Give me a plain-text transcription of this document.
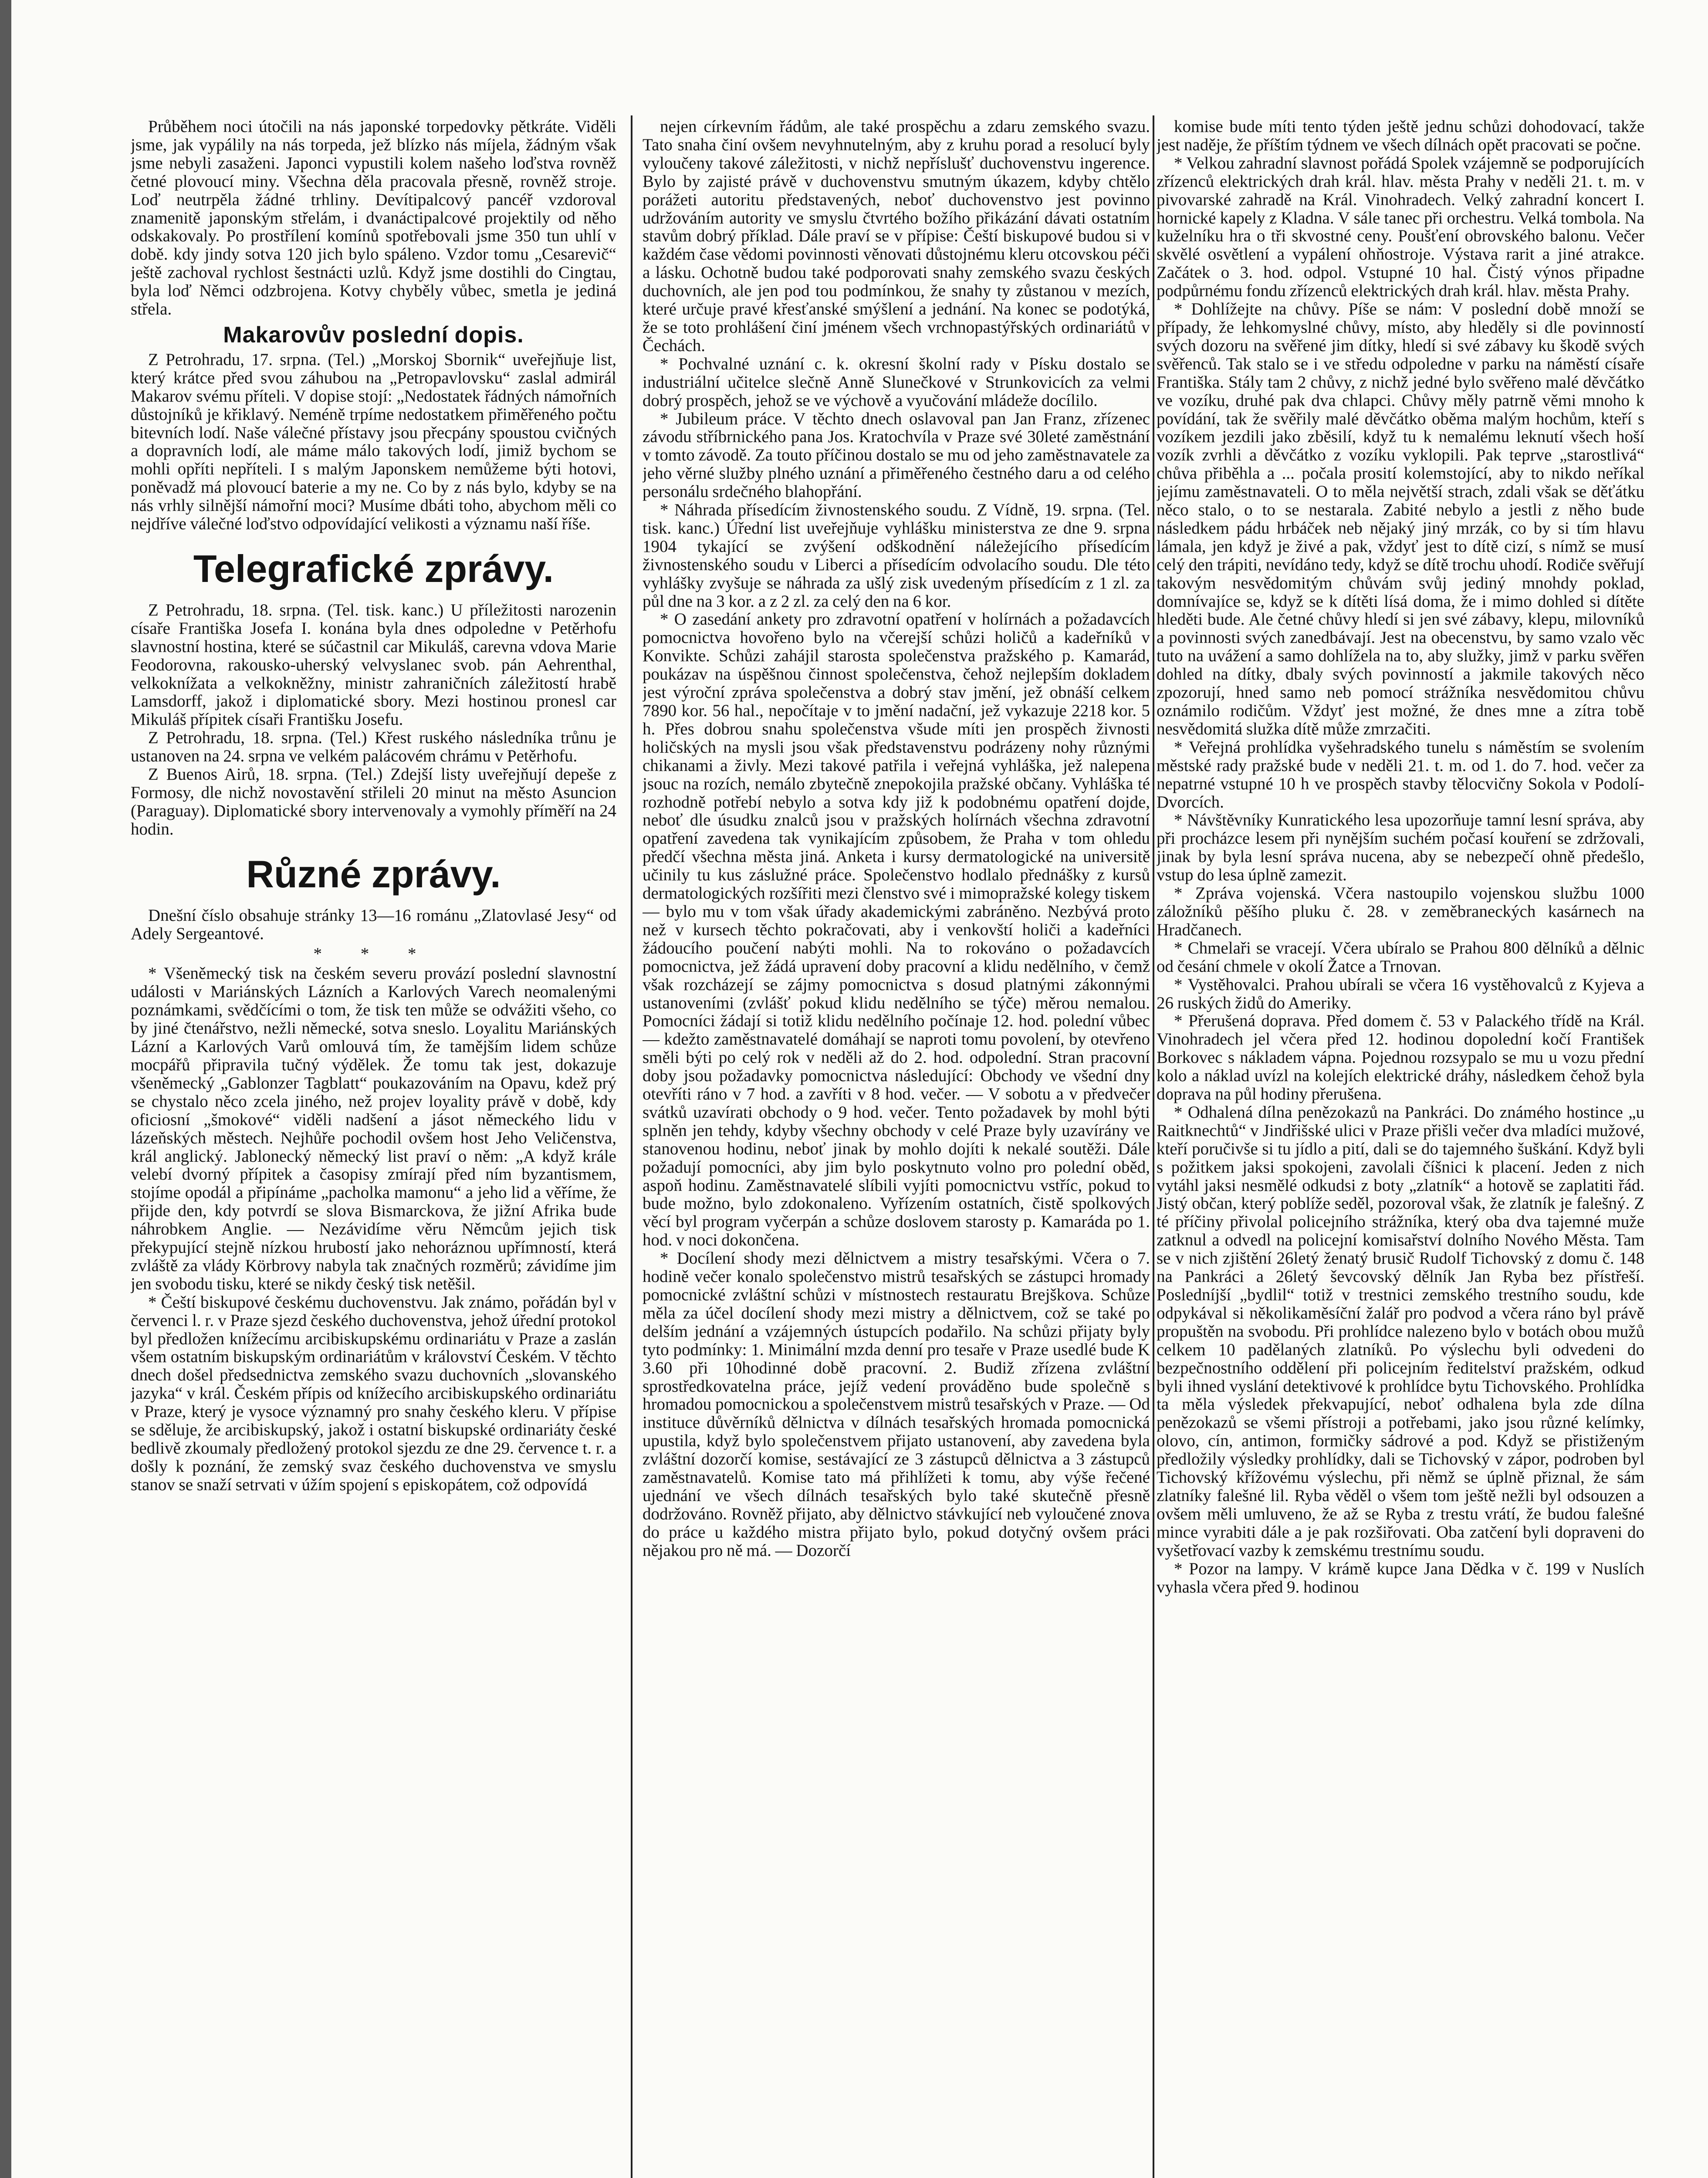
Průběhem noci útočili na nás japonské torpedovky pětkráte. Viděli jsme, jak vypálily na nás torpeda, jež blízko nás míjela, žádným však jsme nebyli zasaženi. Japonci vypustili kolem našeho loďstva rovněž četné plovoucí miny. Všechna děla pracovala přesně, rovněž stroje. Loď neutrpěla žádné trhliny. Devítipalcový pancéř vzdoroval znamenitě japonským střelám, i dvanáctipalcové projektily od něho odskakovaly. Po prostřílení komínů spotřebovali jsme 350 tun uhlí v době. kdy jindy sotva 120 jich bylo spáleno. Vzdor tomu „Cesarevič“ ještě zachoval rychlost šestnácti uzlů. Když jsme dostihli do Cingtau, byla loď Němci odzbrojena. Kotvy chyběly vůbec, smetla je jediná střela.

Makarovův poslední dopis.

Z Petrohradu, 17. srpna. (Tel.) „Morskoj Sbornik“ uveřejňuje list, který krátce před svou záhubou na „Petropavlovsku“ zaslal admirál Makarov svému příteli. V dopise stojí: „Nedostatek řádných námořních důstojníků je křiklavý. Neméně trpíme nedostatkem přiměřeného počtu bitevních lodí. Naše válečné přístavy jsou přecpány spoustou cvičných a dopravních lodí, ale máme málo takových lodí, jimiž bychom se mohli opříti nepříteli. I s malým Japonskem nemůžeme býti hotovi, poněvadž má plovoucí baterie a my ne. Co by z nás bylo, kdyby se na nás vrhly silnější námořní moci? Musíme dbáti toho, abychom měli co nejdříve válečné loďstvo odpovídající velikosti a významu naší říše.

Telegrafické zprávy.

Z Petrohradu, 18. srpna. (Tel. tisk. kanc.) U příležitosti narozenin císaře Františka Josefa I. konána byla dnes odpoledne v Petěrhofu slavnostní hostina, které se súčastnil car Mikuláš, carevna vdova Marie Feodorovna, rakousko-uherský velvyslanec svob. pán Aehrenthal, velkoknížata a velkokněžny, ministr zahraničních záležitostí hrabě Lamsdorff, jakož i diplomatické sbory. Mezi hostinou pronesl car Mikuláš přípitek císaři Františku Josefu.

Z Petrohradu, 18. srpna. (Tel.) Křest ruského následníka trůnu je ustanoven na 24. srpna ve velkém palácovém chrámu v Petěrhofu.

Z Buenos Airů, 18. srpna. (Tel.) Zdejší listy uveřejňují depeše z Formosy, dle nichž novostavění střileli 20 minut na město Asuncion (Paraguay). Diplomatické sbory intervenovaly a vymohly příměří na 24 hodin.

Různé zprávy.

Dnešní číslo obsahuje stránky 13—16 románu „Zlatovlasé Jesy“ od Adely Sergeantové.

* * *

* Všeněmecký tisk na českém severu provází poslední slavnostní události v Mariánských Lázních a Karlových Varech neomalenými poznámkami, svědčícími o tom, že tisk ten může se odvážiti všeho, co by jiné čtenářstvo, nežli německé, sotva sneslo. Loyalitu Mariánských Lázní a Karlových Varů omlouvá tím, že tamějším lidem schůze mocpářů připravila tučný výdělek. Že tomu tak jest, dokazuje všeněmecký „Gablonzer Tagblatt“ poukazováním na Opavu, kdež prý se chystalo něco zcela jiného, než projev loyality právě v době, kdy oficiosní „šmokové“ viděli nadšení a jásot německého lidu v lázeňských městech. Nejhůře pochodil ovšem host Jeho Veličenstva, král anglický. Jablonecký německý list praví o něm: „A když krále velebí dvorný přípitek a časopisy zmírají před ním byzantismem, stojíme opodál a připínáme „pacholka mamonu“ a jeho lid a věříme, že přijde den, kdy potvrdí se slova Bismarckova, že jižní Afrika bude náhrobkem Anglie. — Nezávidíme věru Němcům jejich tisk překypující stejně nízkou hrubostí jako nehoráznou upřímností, která zvláště za vlády Körbrovy nabyla tak značných rozměrů; závidíme jim jen svobodu tisku, které se nikdy český tisk netěšil.

* Čeští biskupové českému duchovenstvu. Jak známo, pořádán byl v červenci l. r. v Praze sjezd českého duchovenstva, jehož úřední protokol byl předložen knížecímu arcibiskupskému ordinariátu v Praze a zaslán všem ostatním biskupským ordinariátům v království Českém. V těchto dnech došel předsednictva zemského svazu duchovních „slovanského jazyka“ v král. Českém přípis od knížecího arcibiskupského ordinariátu v Praze, který je vysoce významný pro snahy českého kleru. V přípise se sděluje, že arcibiskupský, jakož i ostatní biskupské ordinariáty české bedlivě zkoumaly předložený protokol sjezdu ze dne 29. července t. r. a došly k poznání, že zemský svaz českého duchovenstva ve smyslu stanov se snaží setrvati v úžím spojení s episkopátem, což odpovídá

nejen církevním řádům, ale také prospěchu a zdaru zemského svazu. Tato snaha činí ovšem nevyhnutelným, aby z kruhu porad a resolucí byly vyloučeny takové záležitosti, v nichž nepříslušť duchovenstvu ingerence. Bylo by zajisté právě v duchovenstvu smutným úkazem, kdyby chtělo porážeti autoritu představených, neboť duchovenstvo jest povinno udržováním autority ve smyslu čtvrtého božího přikázání dávati ostatním stavům dobrý příklad. Dále praví se v přípise: Čeští biskupové budou si v každém čase vědomi povinnosti věnovati důstojnému kleru otcovskou péči a lásku. Ochotně budou také podporovati snahy zemského svazu českých duchovních, ale jen pod tou podmínkou, že snahy ty zůstanou v mezích, které určuje pravé křesťanské smýšlení a jednání. Na konec se podotýká, že se toto prohlášení činí jménem všech vrchnopastýřských ordinariátů v Čechách.

* Pochvalné uznání c. k. okresní školní rady v Písku dostalo se industriální učitelce slečně Anně Slunečkové v Strunkovicích za velmi dobrý prospěch, jehož se ve výchově a vyučování mládeže docílilo.

* Jubileum práce. V těchto dnech oslavoval pan Jan Franz, zřízenec závodu stříbrnického pana Jos. Kratochvíla v Praze své 30leté zaměstnání v tomto závodě. Za touto příčinou dostalo se mu od jeho zaměstnavatele za jeho věrné služby plného uznání a přiměřeného čestného daru a od celého personálu srdečného blahopřání.

* Náhrada přísedícím živnostenského soudu. Z Vídně, 19. srpna. (Tel. tisk. kanc.) Úřední list uveřejňuje vyhlášku ministerstva ze dne 9. srpna 1904 tykající se zvýšení odškodnění náležejícího přísedícím živnostenského soudu v Liberci a přísedícím odvolacího soudu. Dle této vyhlášky zvyšuje se náhrada za ušlý zisk uvedeným přísedícím z 1 zl. za půl dne na 3 kor. a z 2 zl. za celý den na 6 kor.

* O zasedání ankety pro zdravotní opatření v holírnách a požadavcích pomocnictva hovořeno bylo na včerejší schůzi holičů a kadeřníků v Konvikte. Schůzi zahájil starosta společenstva pražského p. Kamarád, poukázav na úspěšnou činnost společenstva, čehož nejlepším dokladem jest výroční zpráva společenstva a dobrý stav jmění, jež obnáší celkem 7890 kor. 56 hal., nepočítaje v to jmění nadační, jež vykazuje 2218 kor. 5 h. Přes dobrou snahu společenstva všude míti jen prospěch živnosti holičských na mysli jsou však představenstvu podrázeny nohy různými chikanami a živly. Mezi takové patřila i veřejná vyhláška, jež nalepena jsouc na rozích, nemálo zbytečně znepokojila pražské občany. Vyhláška té rozhodně potřebí nebylo a sotva kdy již k podobnému opatření dojde, neboť dle úsudku znalců jsou v pražských holírnách všechna zdravotní opatření zavedena tak vynikajícím způsobem, že Praha v tom ohledu předčí všechna města jiná. Anketa i kursy dermatologické na universitě učinily tu kus záslužné práce. Společenstvo hodlalo přednášky z kursů dermatologických rozšířiti mezi členstvo své i mimopražské kolegy tiskem — bylo mu v tom však úřady akademickými zabráněno. Nezbývá proto než v kursech těchto pokračovati, aby i venkovští holiči a kadeřníci žádoucího poučení nabýti mohli. Na to rokováno o požadavcích pomocnictva, jež žádá upravení doby pracovní a klidu nedělního, v čemž však rozcházejí se zájmy pomocnictva s dosud platnými zákonnými ustanoveními (zvlášť pokud klidu nedělního se týče) měrou nemalou. Pomocníci žádají si totiž klidu nedělního počínaje 12. hod. polední vůbec — kdežto zaměstnavatelé domáhají se naproti tomu povolení, by otevřeno směli býti po celý rok v neděli až do 2. hod. odpolední. Stran pracovní doby jsou požadavky pomocnictva následující: Obchody ve všední dny otevříti ráno v 7 hod. a zavříti v 8 hod. večer. — V sobotu a v předvečer svátků uzavírati obchody o 9 hod. večer. Tento požadavek by mohl býti splněn jen tehdy, kdyby všechny obchody v celé Praze byly uzavírány ve stanovenou hodinu, neboť jinak by mohlo dojíti k nekalé soutěži. Dále požadují pomocníci, aby jim bylo poskytnuto volno pro polední oběd, aspoň hodinu. Zaměstnavatelé slíbili vyjíti pomocnictvu vstříc, pokud to bude možno, bylo zdokonaleno. Vyřízením ostatních, čistě spolkových věcí byl program vyčerpán a schůze doslovem starosty p. Kamaráda po 1. hod. v noci dokončena.

* Docílení shody mezi dělnictvem a mistry tesařskými. Včera o 7. hodině večer konalo společenstvo mistrů tesařských se zástupci hromady pomocnické zvláštní schůzi v místnostech restauratu Brejškova. Schůze měla za účel docílení shody mezi mistry a dělnictvem, což se také po delším jednání a vzájemných ústupcích podařilo. Na schůzi přijaty byly tyto podmínky: 1. Minimální mzda denní pro tesaře v Praze usedlé bude K 3.60 při 10hodinné době pracovní. 2. Budiž zřízena zvláštní sprostředkovatelna práce, jejíž vedení prováděno bude společně s hromadou pomocnickou a společenstvem mistrů tesařských v Praze. — Od instituce důvěrníků dělnictva v dílnách tesařských hromada pomocnická upustila, když bylo společenstvem přijato ustanovení, aby zavedena byla zvláštní dozorčí komise, sestávající ze 3 zástupců dělnictva a 3 zástupců zaměstnavatelů. Komise tato má přihlížeti k tomu, aby výše řečené ujednání ve všech dílnách tesařských bylo také skutečně přesně dodržováno. Rovněž přijato, aby dělnictvo stávkující neb vyloučené znova do práce u každého mistra přijato bylo, pokud dotyčný ovšem práci nějakou pro ně má. — Dozorčí

komise bude míti tento týden ještě jednu schůzi dohodovací, takže jest naděje, že příštím týdnem ve všech dílnách opět pracovati se počne.

* Velkou zahradní slavnost pořádá Spolek vzájemně se podporujících zřízenců elektrických drah král. hlav. města Prahy v neděli 21. t. m. v pivovarské zahradě na Král. Vinohradech. Velký zahradní koncert I. hornické kapely z Kladna. V sále tanec při orchestru. Velká tombola. Na kuželníku hra o tři skvostné ceny. Poušťení obrovského balonu. Večer skvělé osvětlení a vypálení ohňostroje. Výstava rarit a jiné atrakce. Začátek o 3. hod. odpol. Vstupné 10 hal. Čistý výnos připadne podpůrnému fondu zřízenců elektrických drah král. hlav. města Prahy.

* Dohlížejte na chůvy. Píše se nám: V poslední době množí se případy, že lehkomyslné chůvy, místo, aby hleděly si dle povinností svých dozoru na svěřené jim dítky, hledí si své zábavy ku škodě svých svěřenců. Tak stalo se i ve středu odpoledne v parku na náměstí císaře Františka. Stály tam 2 chůvy, z nichž jedné bylo svěřeno malé děvčátko ve vozíku, druhé pak dva chlapci. Chůvy měly patrně věmi mnoho k povídání, tak že svěřily malé děvčátko oběma malým hochům, kteří s vozíkem jezdili jako zběsilí, když tu k nemalému leknutí všech hoší vozík zvrhli a děvčátko z vozíku vyklopili. Pak teprve „starostlivá“ chůva přiběhla a ... počala prosití kolemstojící, aby to nikdo neříkal jejímu zaměstnavateli. O to měla největší strach, zdali však se děťátku něco stalo, o to se nestarala. Zabité nebylo a jestli z něho bude následkem pádu hrbáček neb nějaký jiný mrzák, co by si tím hlavu lámala, jen když je živé a pak, vždyť jest to dítě cizí, s nímž se musí celý den trápiti, nevídáno tedy, když se dítě trochu uhodí. Rodiče svěřují takovým nesvědomitým chůvám svůj jediný mnohdy poklad, domnívajíce se, když se k dítěti lísá doma, že i mimo dohled si dítěte hleděti bude. Ale četné chůvy hledí si jen své zábavy, klepu, milovníků a povinnosti svých zanedbávají. Jest na obecenstvu, by samo vzalo věc tuto na uvážení a samo dohlížela na to, aby služky, jimž v parku svěřen dohled na dítky, dbaly svých povinností a jakmile takových něco zpozorují, hned samo neb pomocí strážníka nesvědomitou chůvu oznámilo rodičům. Vždyť jest možné, že dnes mne a zítra tobě nesvědomitá služka dítě může zmrzačiti.

* Veřejná prohlídka vyšehradského tunelu s náměstím se svolením městské rady pražské bude v neděli 21. t. m. od 1. do 7. hod. večer za nepatrné vstupné 10 h ve prospěch stavby tělocvičny Sokola v Podolí-Dvorcích.

* Návštěvníky Kunratického lesa upozorňuje tamní lesní správa, aby při procházce lesem při nynějším suchém počasí kouření se zdržovali, jinak by byla lesní správa nucena, aby se nebezpečí ohně předešlo, vstup do lesa úplně zamezit.

* Zpráva vojenská. Včera nastoupilo vojenskou službu 1000 záložníků pěšího pluku č. 28. v zeměbraneckých kasárnech na Hradčanech.

* Chmelaři se vracejí. Včera ubíralo se Prahou 800 dělníků a dělnic od česání chmele v okolí Žatce a Trnovan.

* Vystěhovalci. Prahou ubírali se včera 16 vystěhovalců z Kyjeva a 26 ruských židů do Ameriky.

* Přerušená doprava. Před domem č. 53 v Palackého třídě na Král. Vinohradech jel včera před 12. hodinou dopolední kočí František Borkovec s nákladem vápna. Pojednou rozsypalo se mu u vozu přední kolo a náklad uvízl na kolejích elektrické dráhy, následkem čehož byla doprava na půl hodiny přerušena.

* Odhalená dílna penězokazů na Pankráci. Do známého hostince „u Raitknechtů“ v Jindřišské ulici v Praze přišli večer dva mladíci mužové, kteří poručivše si tu jídlo a pití, dali se do tajemného šuškání. Když byli s požitkem jaksi spokojeni, zavolali číšnici k placení. Jeden z nich vytáhl jaksi nesmělé odkudsi z boty „zlatník“ a hotově se zaplatiti řád. Jistý občan, který poblíže seděl, pozoroval však, že zlatník je falešný. Z té příčiny přivolal policejního strážníka, který oba dva tajemné muže zatknul a odvedl na policejní komisařství dolního Nového Města. Tam se v nich zjištění 26letý ženatý brusič Rudolf Tichovský z domu č. 148 na Pankráci a 26letý ševcovský dělník Jan Ryba bez přístřeší. Posledníjší „bydlil“ totiž v trestnici zemského trestního soudu, kde odpykával si několikaměsíční žalář pro podvod a včera ráno byl právě propuštěn na svobodu. Při prohlídce nalezeno bylo v botách obou mužů celkem 10 padělaných zlatníků. Po výslechu byli odvedeni do bezpečnostního oddělení při policejním ředitelství pražském, odkud byli ihned vyslání detektivové k prohlídce bytu Tichovského. Prohlídka ta měla výsledek překvapující, neboť odhalena byla zde dílna penězokazů se všemi přístroji a potřebami, jako jsou různé kelímky, olovo, cín, antimon, formičky sádrové a pod. Když se přistiženým předložily výsledky prohlídky, dali se Tichovský v zápor, podroben byl Tichovský křížovému výslechu, při němž se úplně přiznal, že sám zlatníky falešné lil. Ryba věděl o všem tom ještě nežli byl odsouzen a ovšem měli umluveno, že až se Ryba z trestu vrátí, že budou falešné mince vyrabiti dále a je pak rozšiřovati. Oba zatčení byli dopraveni do vyšetřovací vazby k zemskému trestnímu soudu.

* Pozor na lampy. V krámě kupce Jana Dědka v č. 199 v Nuslích vyhasla včera před 9. hodinou
